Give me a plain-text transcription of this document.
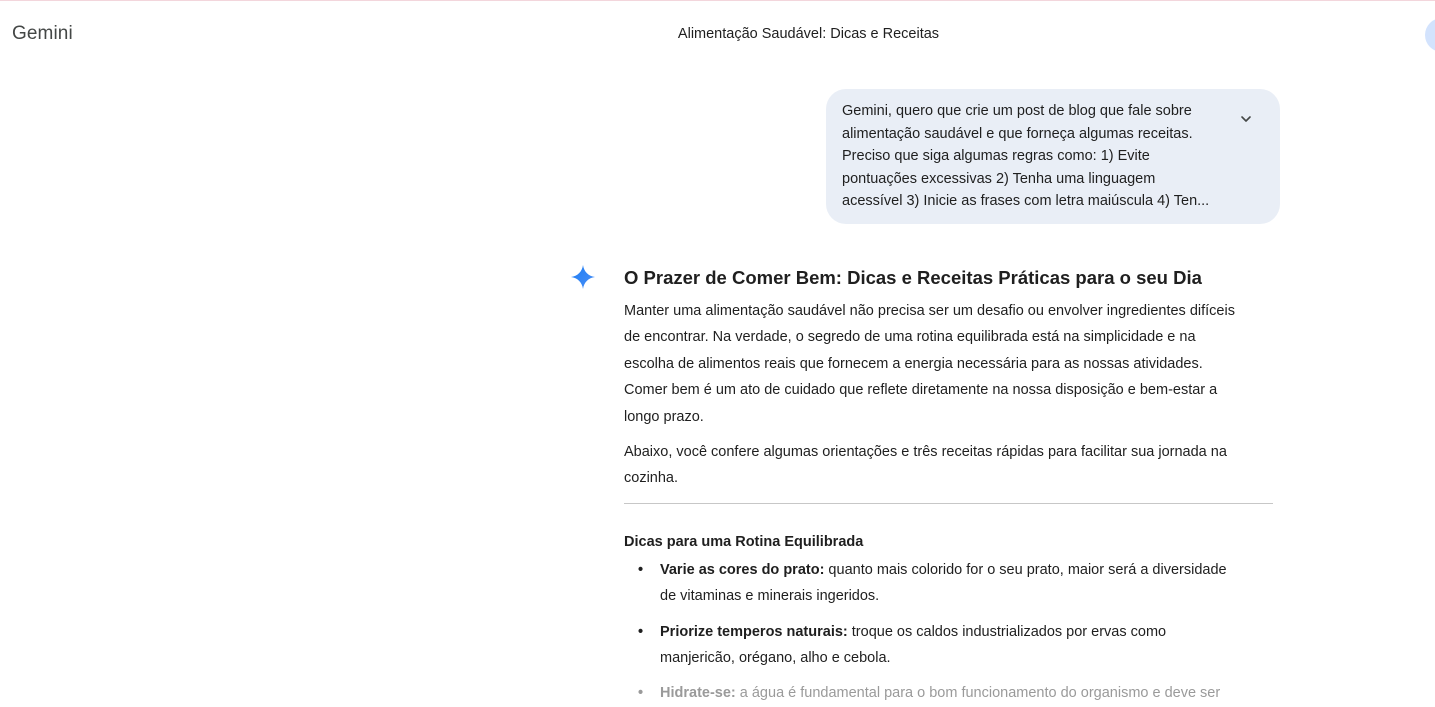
Gemini	Alimentação Saudável: Dicas e Receitas
Gemini, quero que crie um post de blog que fale sobre
alimentação saudável e que forneça algumas receitas.
Preciso que siga algumas regras como: 1) Evite
pontuações excessivas 2) Tenha uma linguagem
acessível 3) Inicie as frases com letra maiúscula 4) Ten...
O Prazer de Comer Bem: Dicas e Receitas Práticas para o seu Dia
Manter uma alimentação saudável não precisa ser um desafio ou envolver ingredientes difíceis
de encontrar. Na verdade, o segredo de uma rotina equilibrada está na simplicidade e na
escolha de alimentos reais que fornecem a energia necessária para as nossas atividades.
Comer bem é um ato de cuidado que reflete diretamente na nossa disposição e bem-estar a
longo prazo.
Abaixo, você confere algumas orientações e três receitas rápidas para facilitar sua jornada na
cozinha.
Dicas para uma Rotina Equilibrada
• Varie as cores do prato: quanto mais colorido for o seu prato, maior será a diversidade
de vitaminas e minerais ingeridos.
• Priorize temperos naturais: troque os caldos industrializados por ervas como
manjericão, orégano, alho e cebola.
• Hidrate-se: a água é fundamental para o bom funcionamento do organismo e deve ser
